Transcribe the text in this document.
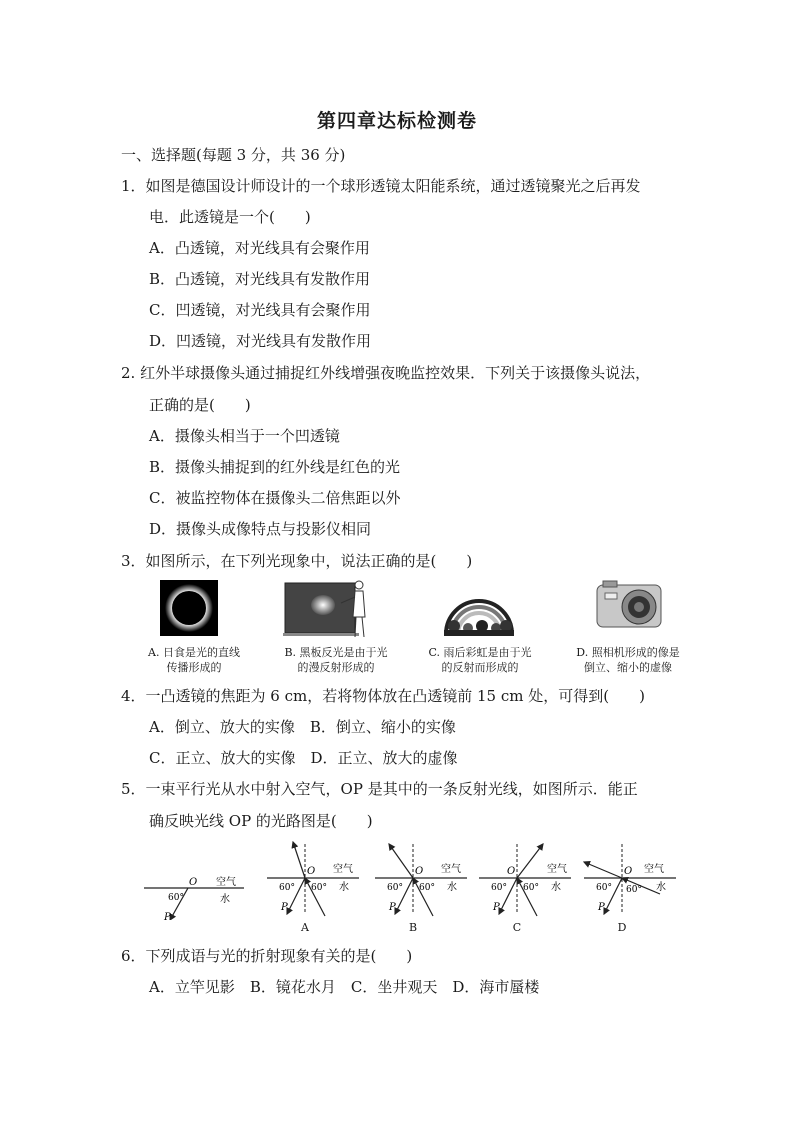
第四章达标检测卷
一、选择题(每题 3 分，共 36 分)
1．如图是德国设计师设计的一个球形透镜太阳能系统，通过透镜聚光之后再发
电．此透镜是一个(　　)
A．凸透镜，对光线具有会聚作用
B．凸透镜，对光线具有发散作用
C．凹透镜，对光线具有会聚作用
D．凹透镜，对光线具有发散作用
2. 红外半球摄像头通过捕捉红外线增强夜晚监控效果．下列关于该摄像头说法，
正确的是(　　)
A．摄像头相当于一个凹透镜
B．摄像头捕捉到的红外线是红色的光
C．被监控物体在摄像头二倍焦距以外
D．摄像头成像特点与投影仪相同
3．如图所示，在下列光现象中，说法正确的是(　　)
A. 日食是光的直线
传播形成的
B. 黑板反光是由于光
的漫反射形成的
C. 雨后彩虹是由于光
的反射而形成的
D. 照相机形成的像是
倒立、缩小的虚像
4．一凸透镜的焦距为 6 cm，若将物体放在凸透镜前 15 cm 处，可得到(　　)
A．倒立、放大的实像　B．倒立、缩小的实像
C．正立、放大的实像　D．正立、放大的虚像
5．一束平行光从水中射入空气，OP 是其中的一条反射光线，如图所示．能正
确反映光线 OP 的光路图是(　　)
O 空气
水
60°
P
O 空气
水
60° 60°
P
O 空气
水
60° 60°
P
O	空气
水
60° 60°
P
O 空气
水
60° 60°
P
A	B	C	D
6．下列成语与光的折射现象有关的是(　　)
A．立竿见影　B．镜花水月　C．坐井观天　D．海市蜃楼
